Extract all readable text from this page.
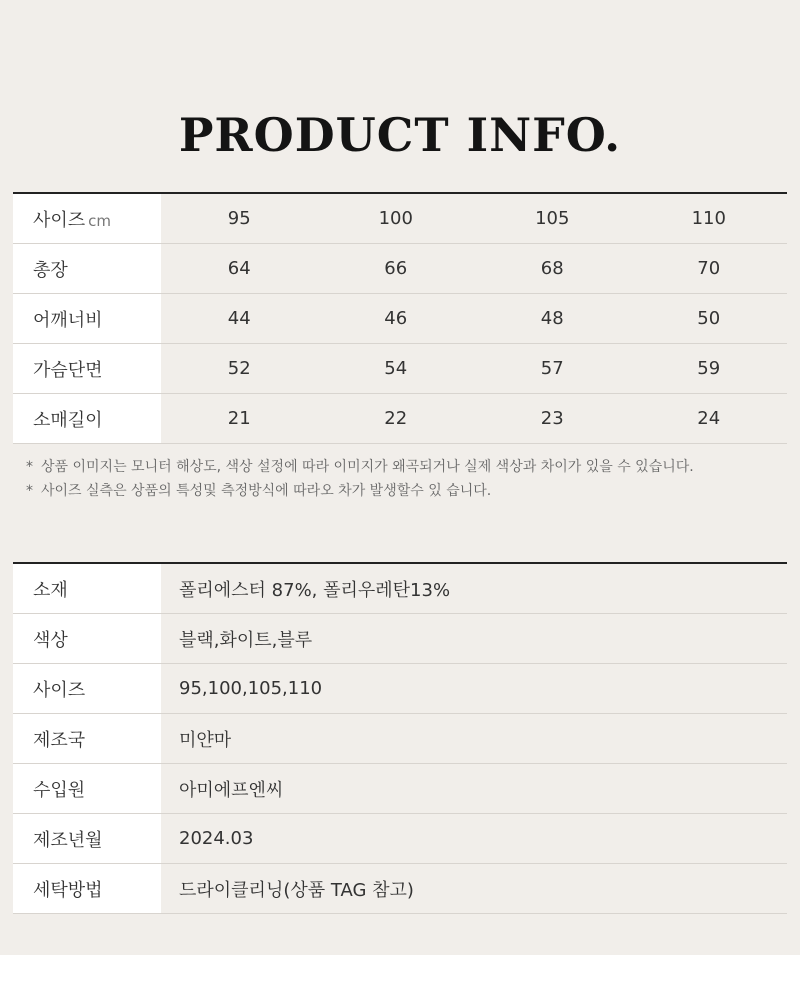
PRODUCT INFO.
사이즈 cm	95	100	105	110
총장	64	66	68	70
어깨너비	44	46	48	50
가슴단면	52	54	57	59
소매길이	21	22	23	24
* 상품 이미지는 모니터 해상도, 색상 설정에 따라 이미지가 왜곡되거나 실제 색상과 차이가 있을 수 있습니다.
* 사이즈 실측은 상품의 특성및 측정방식에 따라오 차가 발생할수 있 습니다.
소재	폴리에스터 87%, 폴리우레탄13%
색상	블랙,화이트,블루
사이즈	95,100,105,110
제조국	미얀마
수입원	아미에프엔씨
제조년월	2024.03
세탁방법	드라이클리닝(상품 TAG 참고)
